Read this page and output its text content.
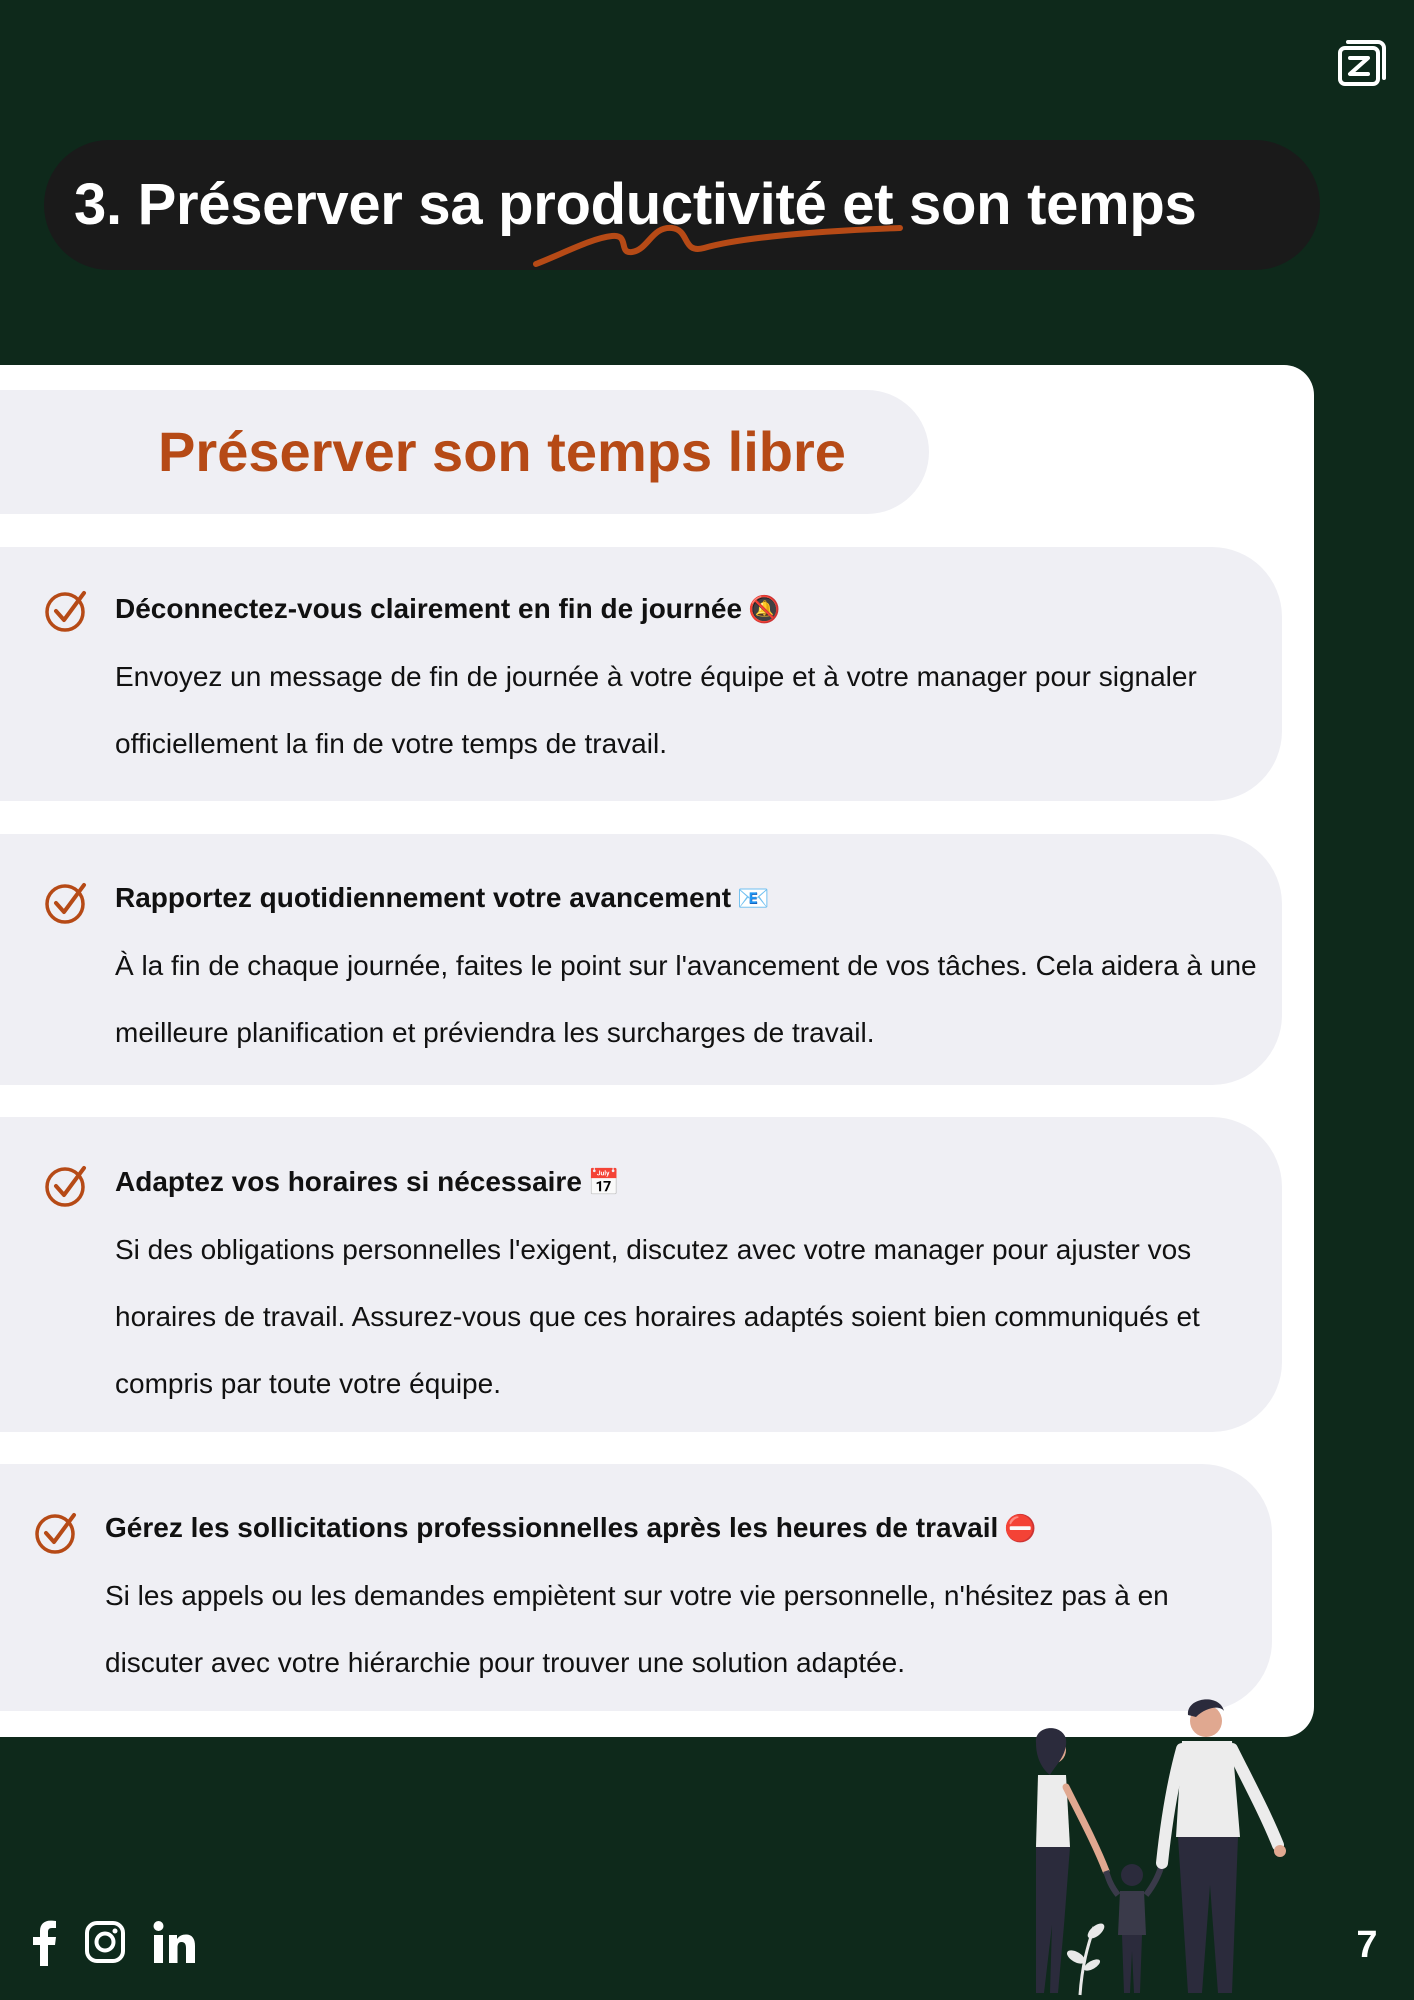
3. Préserver sa productivité et son temps
Préserver son temps libre
Déconnectez-vous clairement en fin de journée 🔕
Envoyez un message de fin de journée à votre équipe et à votre manager pour signaler officiellement la fin de votre temps de travail.
Rapportez quotidiennement votre avancement 📧
À la fin de chaque journée, faites le point sur l'avancement de vos tâches. Cela aidera à une meilleure planification et préviendra les surcharges de travail.
Adaptez vos horaires si nécessaire 📅
Si des obligations personnelles l'exigent, discutez avec votre manager pour ajuster vos horaires de travail. Assurez-vous que ces horaires adaptés soient bien communiqués et compris par toute votre équipe.
Gérez les sollicitations professionnelles après les heures de travail ⛔
Si les appels ou les demandes empiètent sur votre vie personnelle, n'hésitez pas à en discuter avec votre hiérarchie pour trouver une solution adaptée.
7
